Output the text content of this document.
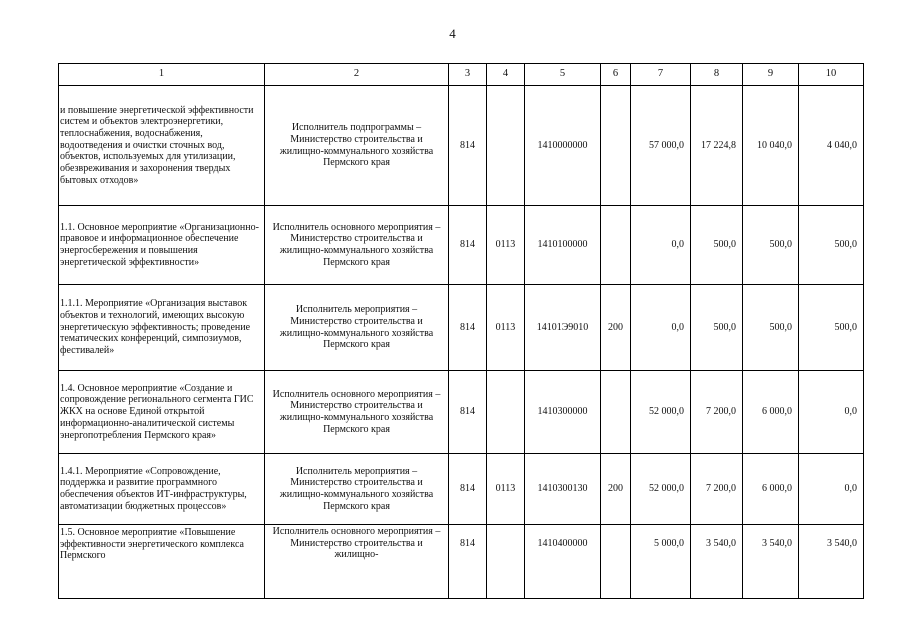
4
1	2	3	4	5	6	7	8	9	10
и повышение энергетической эффективности систем и объектов электроэнергетики, теплоснабжения, водоснабжения, водоотведения и очистки сточных вод, объектов, используемых для утилизации, обезвреживания и захоронения твердых бытовых отходов»	Исполнитель подпрограммы – Министерство строительства и жилищно-коммунального хозяйства Пермского края	814		1410000000		57 000,0	17 224,8	10 040,0	4 040,0
1.1. Основное мероприятие «Организационно-правовое и информационное обеспечение энергосбережения и повышения энергетической эффективности»	Исполнитель основного мероприятия – Министерство строительства и жилищно-коммунального хозяйства Пермского края	814	0113	1410100000		0,0	500,0	500,0	500,0
1.1.1. Мероприятие «Организация выставок объектов и технологий, имеющих высокую энергетическую эффективность; проведение тематических конференций, симпозиумов, фестивалей»	Исполнитель мероприятия – Министерство строительства и жилищно-коммунального хозяйства Пермского края	814	0113	14101Э9010	200	0,0	500,0	500,0	500,0
1.4. Основное мероприятие «Создание и сопровождение регионального сегмента ГИС ЖКХ на основе Единой открытой информационно-аналитической системы энергопотребления Пермского края»	Исполнитель основного мероприятия – Министерство строительства и жилищно-коммунального хозяйства Пермского края	814		1410300000		52 000,0	7 200,0	6 000,0	0,0
1.4.1. Мероприятие «Сопровождение, поддержка и развитие программного обеспечения объектов ИТ-инфраструктуры, автоматизации бюджетных процессов»	Исполнитель мероприятия – Министерство строительства и жилищно-коммунального хозяйства Пермского края	814	0113	1410300130	200	52 000,0	7 200,0	6 000,0	0,0
1.5. Основное мероприятие «Повышение эффективности энергетического комплекса Пермского	Исполнитель основного мероприятия – Министерство строительства и жилищно-	814		1410400000		5 000,0	3 540,0	3 540,0	3 540,0
